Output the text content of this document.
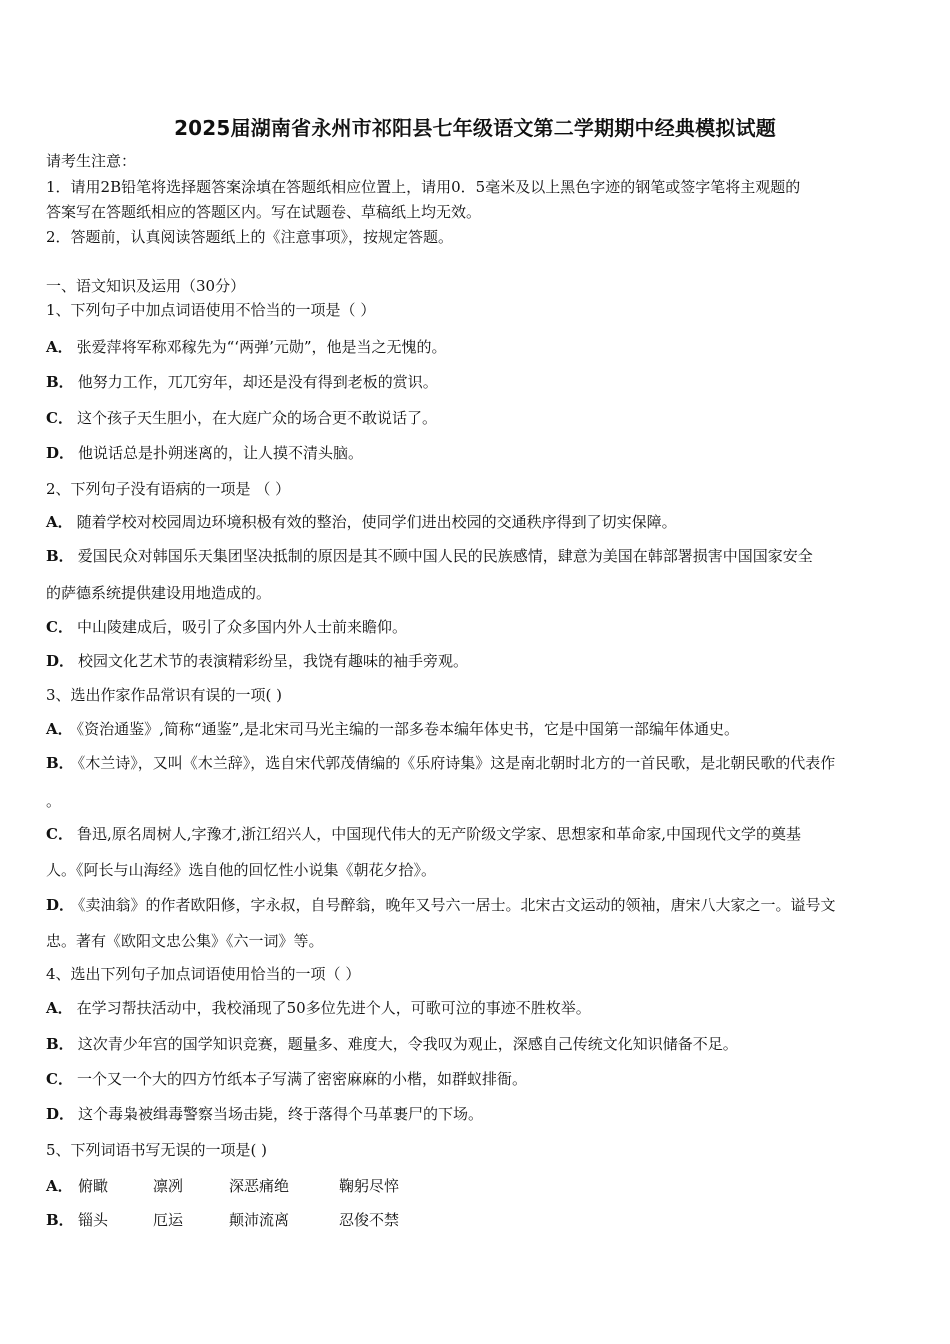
2025届湖南省永州市祁阳县七年级语文第二学期期中经典模拟试题
请考生注意：
1．请用2B铅笔将选择题答案涂填在答题纸相应位置上，请用0．5毫米及以上黑色字迹的钢笔或签字笔将主观题的
答案写在答题纸相应的答题区内。写在试题卷、草稿纸上均无效。
2．答题前，认真阅读答题纸上的《注意事项》，按规定答题。
一、语文知识及运用（30分）
1、下列句子中加点词语使用不恰当的一项是（ ）
A． 张爱萍将军称邓稼先为“‘两弹’元勋”，他是当之无愧的。
B． 他努力工作，兀兀穷年，却还是没有得到老板的赏识。
C． 这个孩子天生胆小，在大庭广众的场合更不敢说话了。
D． 他说话总是扑朔迷离的，让人摸不清头脑。
2、下列句子没有语病的一项是 （ ）
A． 随着学校对校园周边环境积极有效的整治，使同学们进出校园的交通秩序得到了切实保障。
B． 爱国民众对韩国乐天集团坚决抵制的原因是其不顾中国人民的民族感情，肆意为美国在韩部署损害中国国家安全
的萨德系统提供建设用地造成的。
C． 中山陵建成后，吸引了众多国内外人士前来瞻仰。
D． 校园文化艺术节的表演精彩纷呈，我饶有趣味的袖手旁观。
3、选出作家作品常识有误的一项( )
A． 《资治通鉴》,简称“通鉴”,是北宋司马光主编的一部多卷本编年体史书，它是中国第一部编年体通史。
B． 《木兰诗》，又叫《木兰辞》，选自宋代郭茂倩编的《乐府诗集》这是南北朝时北方的一首民歌，是北朝民歌的代表作
。
C． 鲁迅,原名周树人,字豫才,浙江绍兴人，中国现代伟大的无产阶级文学家、思想家和革命家,中国现代文学的奠基
人。《阿长与山海经》选自他的回忆性小说集《朝花夕拾》。
D． 《卖油翁》的作者欧阳修，字永叔，自号醉翁，晚年又号六一居士。北宋古文运动的领袖，唐宋八大家之一。谥号文
忠。著有《欧阳文忠公集》《六一词》等。
4、选出下列句子加点词语使用恰当的一项（ ）
A． 在学习帮扶活动中，我校涌现了50多位先进个人，可歌可泣的事迹不胜枚举。
B． 这次青少年宫的国学知识竞赛，题量多、难度大，令我叹为观止，深感自己传统文化知识储备不足。
C． 一个又一个大的四方竹纸本子写满了密密麻麻的小楷，如群蚁排衙。
D． 这个毒枭被缉毒警察当场击毙，终于落得个马革裹尸的下场。
5、下列词语书写无误的一项是( )
A． 俯瞰	凛冽	深恶痛绝	鞠躬尽悴
B． 锱头	厄运	颠沛流离	忍俊不禁
